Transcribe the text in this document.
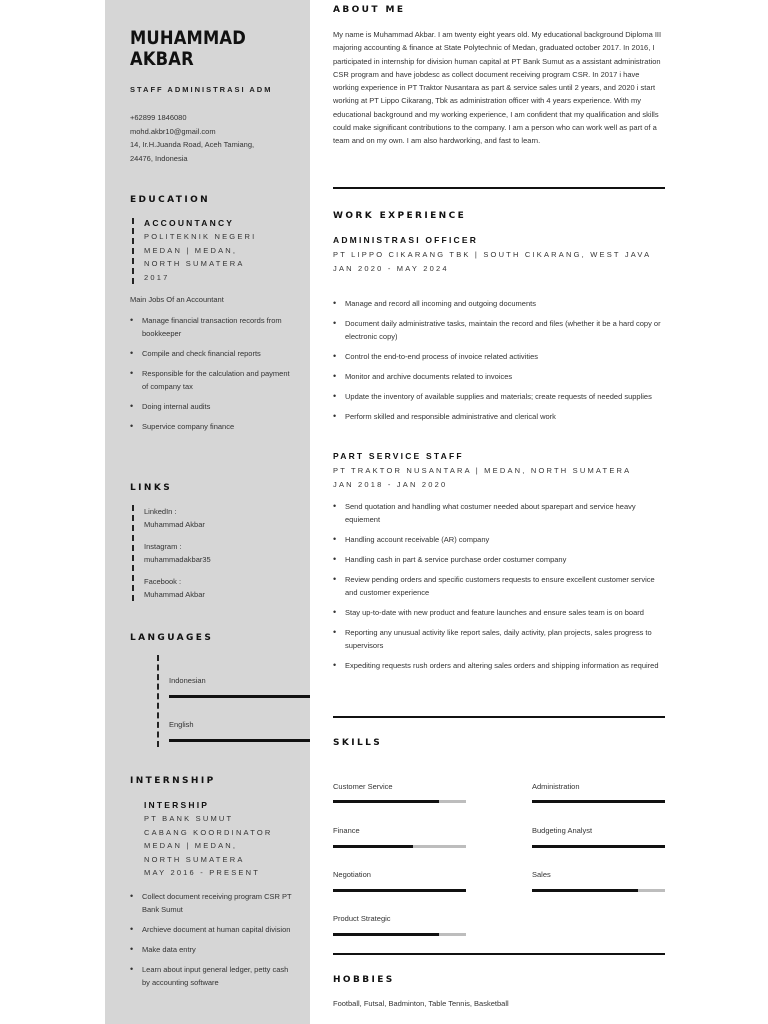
MUHAMMAD
AKBAR
STAFF ADMINISTRASI ADM
+62899 1846080
mohd.akbr10@gmail.com
14, Ir.H.Juanda Road, Aceh Tamiang,
24476, Indonesia
EDUCATION
ACCOUNTANCY
POLITEKNIK NEGERI
MEDAN | MEDAN,
NORTH SUMATERA
2017
Main Jobs Of an Accountant
• Manage financial transaction records from bookkeeper
• Compile and check financial reports
• Responsible for the calculation and payment of company tax
• Doing internal audits
• Supervice company finance
LINKS
LinkedIn :
Muhammad Akbar
Instagram :
muhammadakbar35
Facebook :
Muhammad Akbar
LANGUAGES
Indonesian
English
INTERNSHIP
INTERSHIP
PT BANK SUMUT
CABANG KOORDINATOR
MEDAN | MEDAN,
NORTH SUMATERA
MAY 2016 - PRESENT
• Collect document receiving program CSR PT Bank Sumut
• Archieve document at human capital division
• Make data entry
• Learn about input general ledger, petty cash by accounting software
ABOUT ME
My name is Muhammad Akbar. I am twenty eight years old. My educational background Diploma III majoring accounting & finance at State Polytechnic of Medan, graduated october 2017. In 2016, I participated in internship for division human capital at PT Bank Sumut as a assistant administration CSR program and have jobdesc as collect document receiving program CSR. In 2017 i have working experience in PT Traktor Nusantara as part & service sales until 2 years, and 2020 i start working at PT Lippo Cikarang, Tbk as administration officer with 4 years experience. With my educational background and my working experience, I am confident that my qualification and skills could make significant contributions to the company. I am a person who can work well as part of a team and on my own. I am also hardworking, and fast to learn.
WORK EXPERIENCE
ADMINISTRASI OFFICER
PT LIPPO CIKARANG TBK | SOUTH CIKARANG, WEST JAVA
JAN 2020 - MAY 2024
• Manage and record all incoming and outgoing documents
• Document daily administrative tasks, maintain the record and files (whether it be a hard copy or electronic copy)
• Control the end-to-end process of invoice related activities
• Monitor and archive documents related to invoices
• Update the inventory of available supplies and materials; create requests of needed supplies
• Perform skilled and responsible administrative and clerical work
PART SERVICE STAFF
PT TRAKTOR NUSANTARA | MEDAN, NORTH SUMATERA
JAN 2018 - JAN 2020
• Send quotation and handling what costumer needed about sparepart and service heavy equiement
• Handling account receivable (AR) company
• Handling cash in part & service purchase order costumer company
• Review pending orders and specific customers requests to ensure excellent customer service and customer experience
• Stay up-to-date with new product and feature launches and ensure sales team is on board
• Reporting any unusual activity like report sales, daily activity, plan projects, sales progress to supervisors
• Expediting requests rush orders and altering sales orders and shipping information as required
SKILLS
Customer Service	Administration
Finance	Budgeting Analyst
Negotiation	Sales
Product Strategic
HOBBIES
Football, Futsal, Badminton, Table Tennis, Basketball
